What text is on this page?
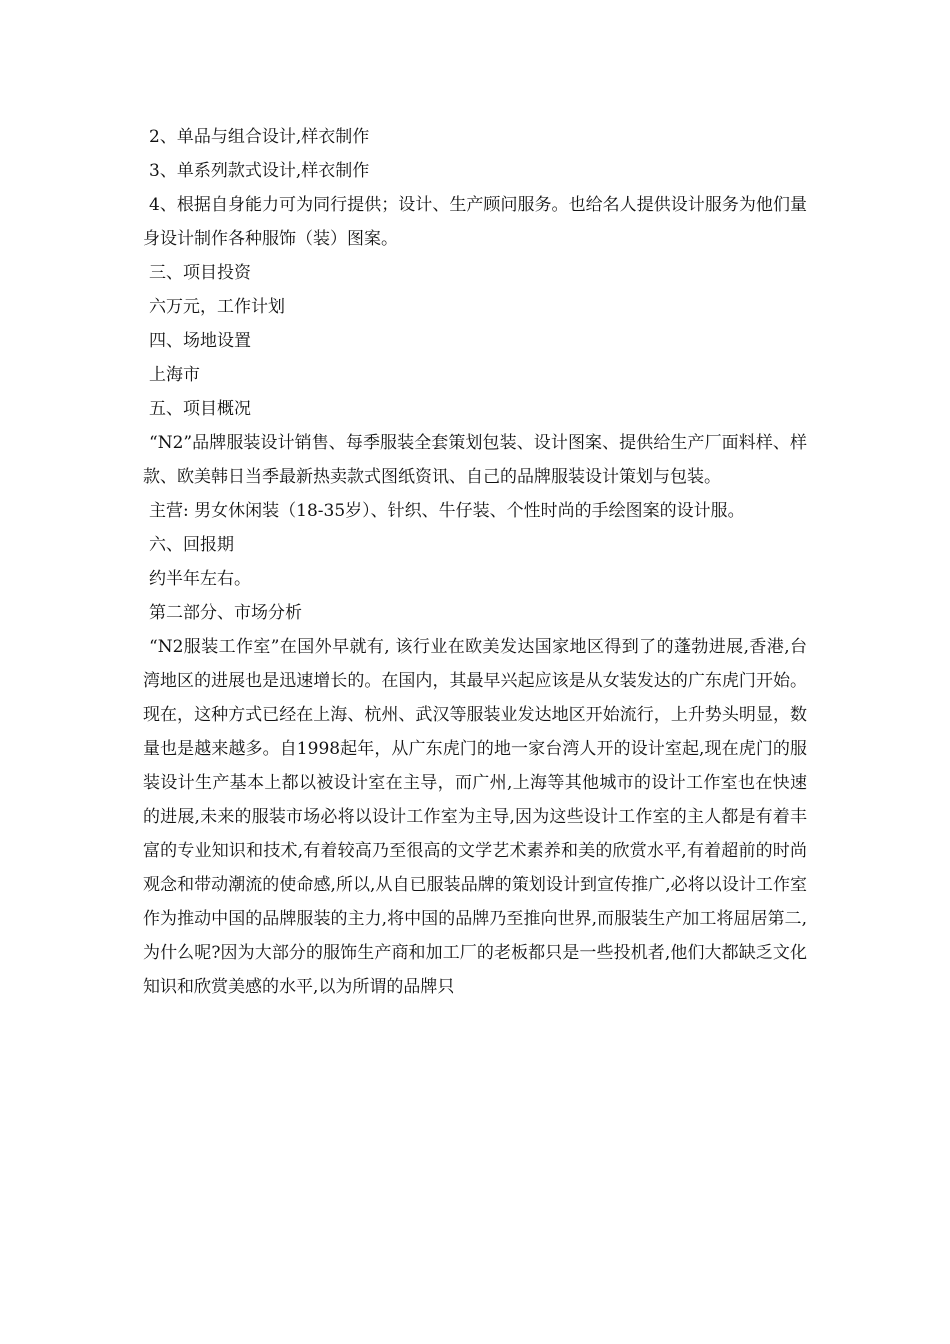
2、单品与组合设计,样衣制作
3、单系列款式设计,样衣制作
4、根据自身能力可为同行提供；设计、生产顾问服务。也给名人提供设计服务为他们量身设计制作各种服饰（装）图案。
三、项目投资
六万元，工作计划
四、场地设置
上海市
五、项目概况
“N2”品牌服装设计销售、每季服装全套策划包装、设计图案、提供给生产厂面料样、样款、欧美韩日当季最新热卖款式图纸资讯、自己的品牌服装设计策划与包装。
主营: 男女休闲装（18-35岁）、针织、牛仔装、个性时尚的手绘图案的设计服。
六、回报期
约半年左右。
第二部分、市场分析
“N2服装工作室”在国外早就有, 该行业在欧美发达国家地区得到了的蓬勃进展,香港,台湾地区的进展也是迅速增长的。在国内，其最早兴起应该是从女装发达的广东虎门开始。现在，这种方式已经在上海、杭州、武汉等服装业发达地区开始流行，上升势头明显，数量也是越来越多。自1998起年，从广东虎门的地一家台湾人开的设计室起,现在虎门的服装设计生产基本上都以被设计室在主导，而广州,上海等其他城市的设计工作室也在快速的进展,未来的服装市场必将以设计工作室为主导,因为这些设计工作室的主人都是有着丰富的专业知识和技术,有着较高乃至很高的文学艺术素养和美的欣赏水平,有着超前的时尚观念和带动潮流的使命感,所以,从自已服装品牌的策划设计到宣传推广,必将以设计工作室作为推动中国的品牌服装的主力,将中国的品牌乃至推向世界,而服装生产加工将屈居第二,为什么呢?因为大部分的服饰生产商和加工厂的老板都只是一些投机者,他们大都缺乏文化知识和欣赏美感的水平,以为所谓的品牌只
